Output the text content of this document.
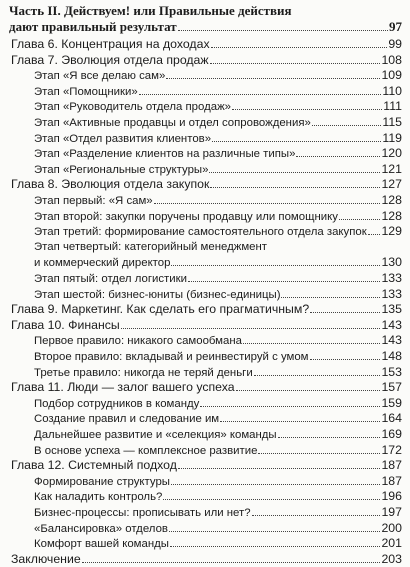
Часть II. Действуем! или Правильные действия
дают правильный результат	97
Глава 6. Концентрация на доходах	99
Глава 7. Эволюция отдела продаж	108
Этап «Я все делаю сам»	109
Этап «Помощники»	110
Этап «Руководитель отдела продаж»	111
Этап «Активные продавцы и отдел сопровождения»	115
Этап «Отдел развития клиентов»	119
Этап «Разделение клиентов на различные типы»	120
Этап «Региональные структуры»	121
Глава 8. Эволюция отдела закупок	127
Этап первый: «Я сам»	128
Этап второй: закупки поручены продавцу или помощнику	128
Этап третий: формирование самостоятельного отдела закупок 129
Этап четвертый: категорийный менеджмент
и коммерческий директор	130
Этап пятый: отдел логистики	133
Этап шестой: бизнес-юниты (бизнес-единицы)	133
Глава 9. Маркетинг. Как сделать его прагматичным?	135
Глава 10. Финансы	143
Первое правило: никакого самообмана	143
Второе правило: вкладывай и реинвестируй с умом	148
Третье правило: никогда не теряй деньги	153
Глава 11. Люди — залог вашего успеха	157
Подбор сотрудников в команду	159
Создание правил и следование им	164
Дальнейшее развитие и «селекция» команды	169
В основе успеха — комплексное развитие	172
Глава 12. Системный подход	187
Формирование структуры	187
Как наладить контроль?	196
Бизнес-процессы: прописывать или нет?	197
«Балансировка» отделов	200
Комфорт вашей команды	201
Заключение	203
